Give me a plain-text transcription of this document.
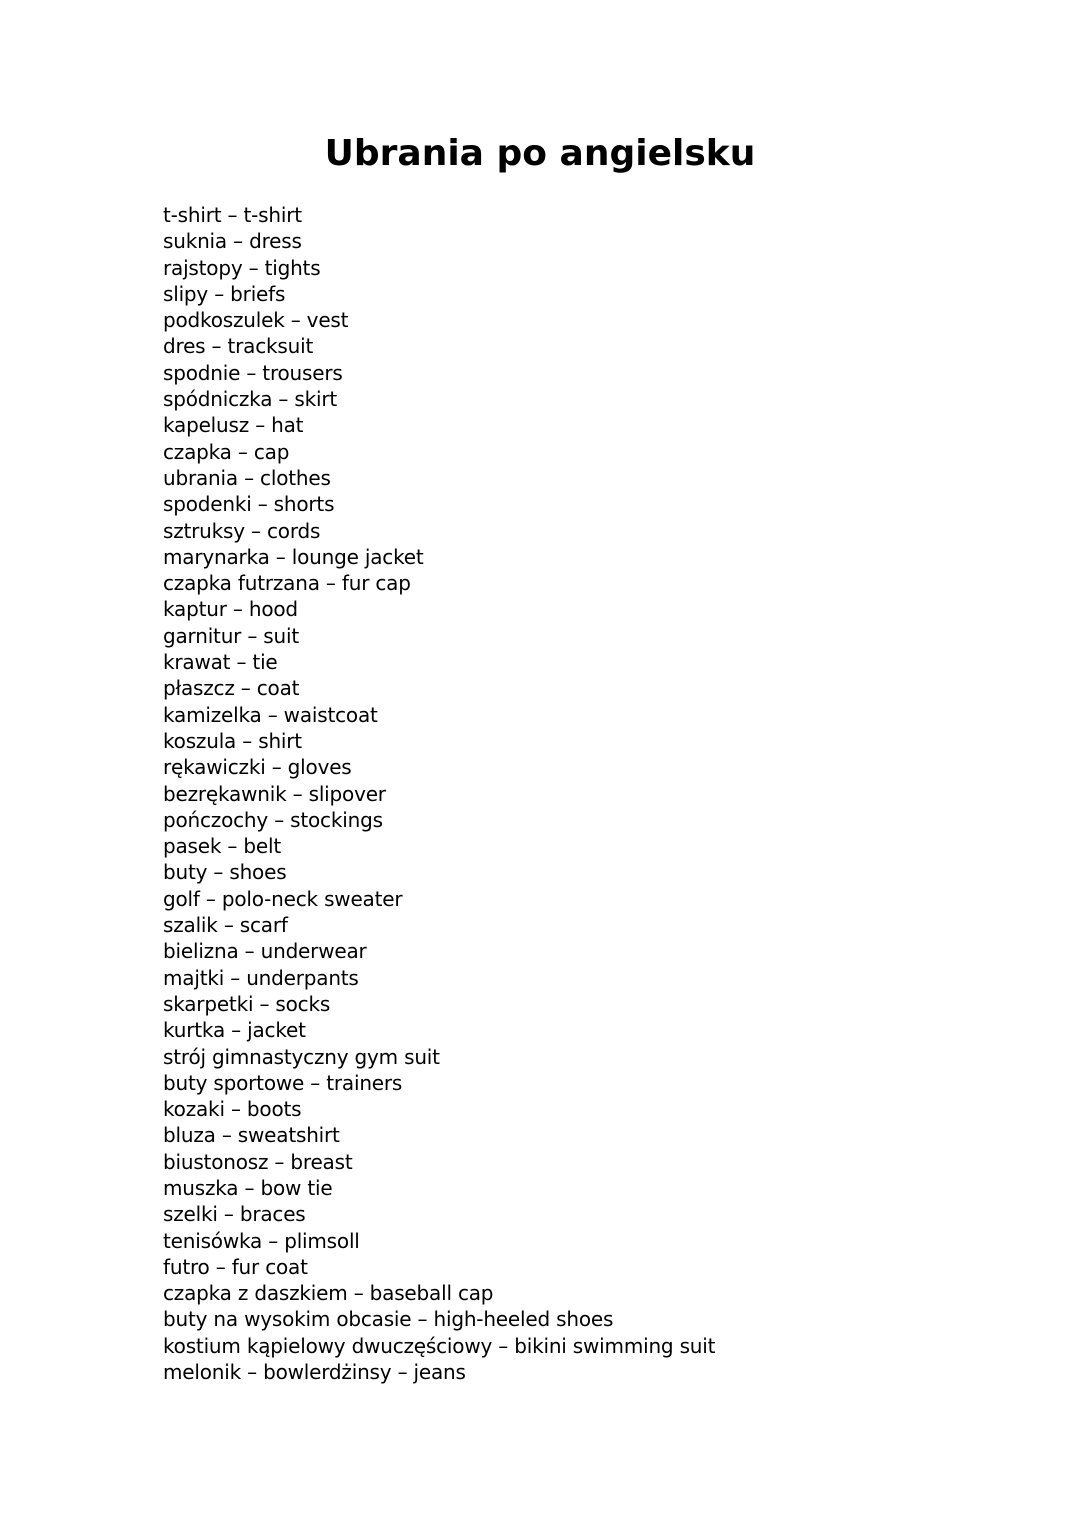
Ubrania po angielsku
t-shirt – t-shirt
suknia – dress
rajstopy – tights
slipy – briefs
podkoszulek – vest
dres – tracksuit
spodnie – trousers
spódniczka – skirt
kapelusz – hat
czapka – cap
ubrania – clothes
spodenki – shorts
sztruksy – cords
marynarka – lounge jacket
czapka futrzana – fur cap
kaptur – hood
garnitur – suit
krawat – tie
płaszcz – coat
kamizelka – waistcoat
koszula – shirt
rękawiczki – gloves
bezrękawnik – slipover
pończochy – stockings
pasek – belt
buty – shoes
golf – polo-neck sweater
szalik – scarf
bielizna – underwear
majtki – underpants
skarpetki – socks
kurtka – jacket
strój gimnastyczny gym suit
buty sportowe – trainers
kozaki – boots
bluza – sweatshirt
biustonosz – breast
muszka – bow tie
szelki – braces
tenisówka – plimsoll
futro – fur coat
czapka z daszkiem – baseball cap
buty na wysokim obcasie – high-heeled shoes
kostium kąpielowy dwuczęściowy – bikini swimming suit
melonik – bowlerdżinsy – jeans
